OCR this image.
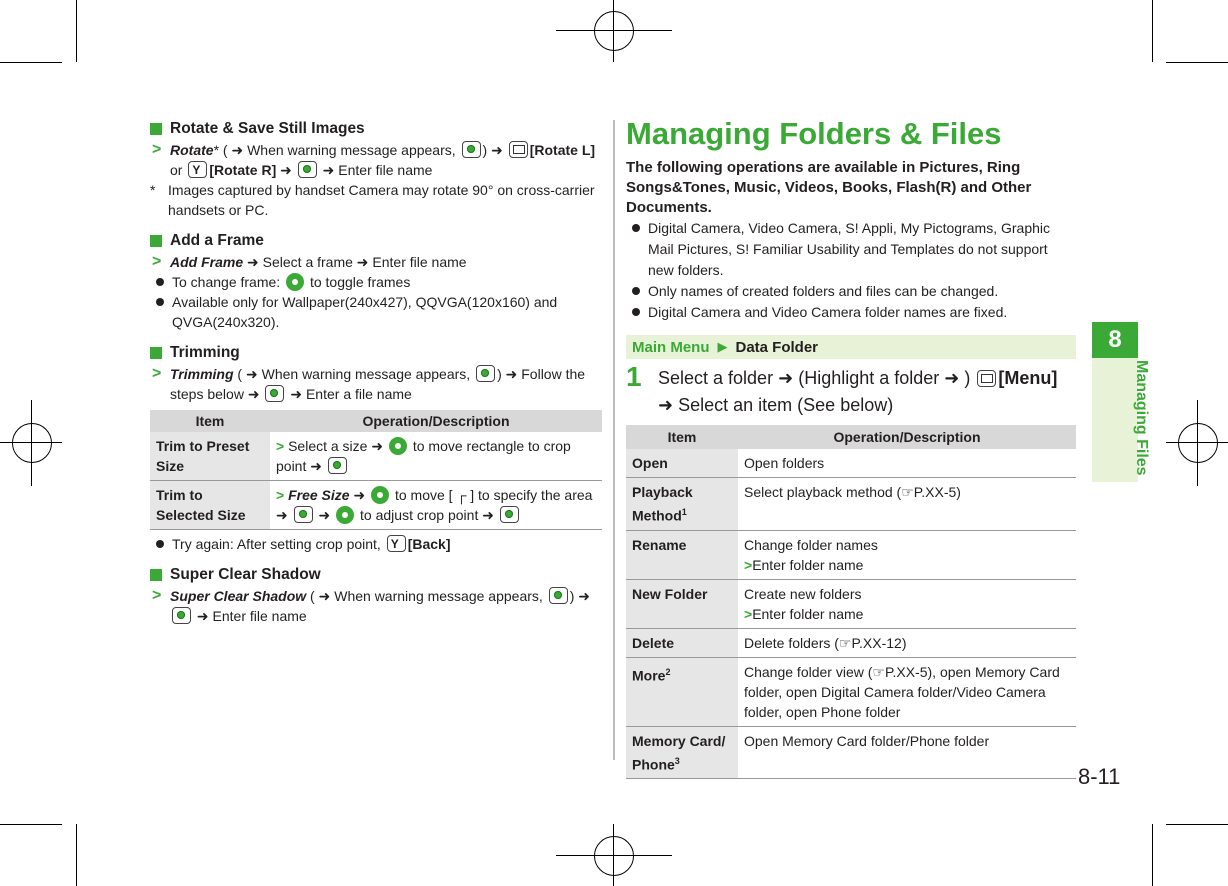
Rotate & Save Still Images
> Rotate* ( ➜ When warning message appears, ) ➜ [Rotate L] or Y [Rotate R] ➜ ➜ Enter file name
* Images captured by handset Camera may rotate 90° on cross-carrier handsets or PC.
Add a Frame
> Add Frame ➜ Select a frame ➜ Enter file name
To change frame: to toggle frames
Available only for Wallpaper(240x427), QQVGA(120x160) and QVGA(240x320).
Trimming
> Trimming ( ➜ When warning message appears, ) ➜ Follow the steps below ➜ ➜ Enter a file name
Item	Operation/Description
Trim to Preset Size	> Select a size ➜ to move rectangle to crop point ➜
Trim to Selected Size	> Free Size ➜ to move [ ┌ ] to specify the area ➜ ➜ to adjust crop point ➜
Try again: After setting crop point, Y [Back]
Super Clear Shadow
> Super Clear Shadow ( ➜ When warning message appears, ) ➜  ➜ Enter file name
Managing Folders & Files
The following operations are available in Pictures, Ring Songs&Tones, Music, Videos, Books, Flash(R) and Other Documents.
Digital Camera, Video Camera, S! Appli, My Pictograms, Graphic Mail Pictures, S! Familiar Usability and Templates do not support new folders.
Only names of created folders and files can be changed.
Digital Camera and Video Camera folder names are fixed.
Main Menu ▶ Data Folder
1 Select a folder ➜ (Highlight a folder ➜ ) [Menu]
➜ Select an item (See below)
Item	Operation/Description
Open	Open folders
Playback Method$^1$	Select playback method (☞P.XX-5)
Rename	Change folder names
>Enter folder name
New Folder	Create new folders
>Enter folder name
Delete	Delete folders (☞P.XX-12)
More$^2$	Change folder view (☞P.XX-5), open Memory Card folder, open Digital Camera folder/Video Camera folder, open Phone folder
Memory Card/ Phone$^3$	Open Memory Card folder/Phone folder
8
Managing Files
8-11
